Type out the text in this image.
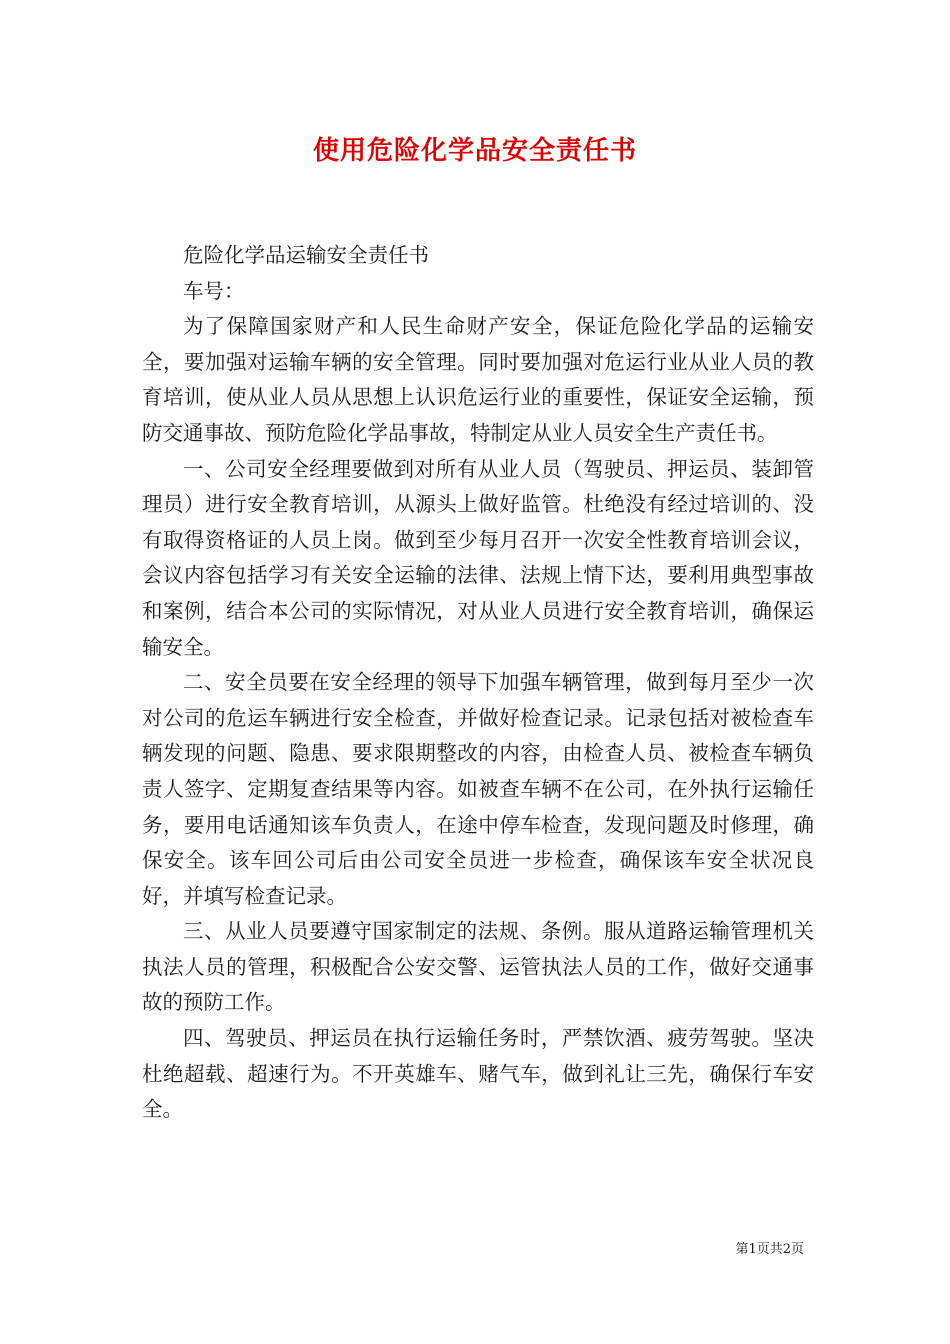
使用危险化学品安全责任书

危险化学品运输安全责任书

车号：

为了保障国家财产和人民生命财产安全，保证危险化学品的运输安全，要加强对运输车辆的安全管理。同时要加强对危运行业从业人员的教育培训，使从业人员从思想上认识危运行业的重要性，保证安全运输，预防交通事故、预防危险化学品事故，特制定从业人员安全生产责任书。

一、公司安全经理要做到对所有从业人员（驾驶员、押运员、装卸管理员）进行安全教育培训，从源头上做好监管。杜绝没有经过培训的、没有取得资格证的人员上岗。做到至少每月召开一次安全性教育培训会议，会议内容包括学习有关安全运输的法律、法规上情下达，要利用典型事故和案例，结合本公司的实际情况，对从业人员进行安全教育培训，确保运输安全。

二、安全员要在安全经理的领导下加强车辆管理，做到每月至少一次对公司的危运车辆进行安全检查，并做好检查记录。记录包括对被检查车辆发现的问题、隐患、要求限期整改的内容，由检查人员、被检查车辆负责人签字、定期复查结果等内容。如被查车辆不在公司，在外执行运输任务，要用电话通知该车负责人，在途中停车检查，发现问题及时修理，确保安全。该车回公司后由公司安全员进一步检查，确保该车安全状况良好，并填写检查记录。

三、从业人员要遵守国家制定的法规、条例。服从道路运输管理机关执法人员的管理，积极配合公安交警、运管执法人员的工作，做好交通事故的预防工作。

四、驾驶员、押运员在执行运输任务时，严禁饮酒、疲劳驾驶。坚决杜绝超载、超速行为。不开英雄车、赌气车，做到礼让三先，确保行车安全。

第1页共2页
